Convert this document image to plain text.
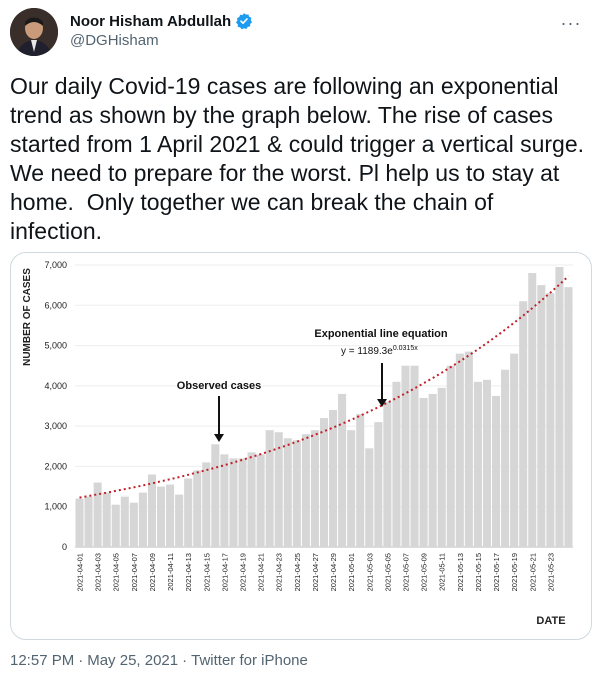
Noor Hisham Abdullah
@DGHisham
···
Our daily Covid-19 cases are following an exponential trend as shown by the graph below. The rise of cases started from 1 April 2021 & could trigger a vertical surge. We need to prepare for the worst. Pl help us to stay at home.  Only together we can break the chain of infection.
0
1,000
2,000
3,000
4,000
5,000
6,000
7,000
2021-04-01 2021-04-03 2021-04-05 2021-04-07 2021-04-09 2021-04-11 2021-04-13 2021-04-15 2021-04-17 2021-04-19 2021-04-21 2021-04-23 2021-04-25 2021-04-27 2021-04-29 2021-05-01 2021-05-03 2021-05-05 2021-05-07 2021-05-09 2021-05-11 2021-05-13 2021-05-15 2021-05-17 2021-05-19 2021-05-21 2021-05-23
NUMBER OF CASES
DATE
Observed cases
Exponential line equation
$y = 1189.3e^{0.0315x}$
12:57 PM · May 25, 2021 · Twitter for iPhone
